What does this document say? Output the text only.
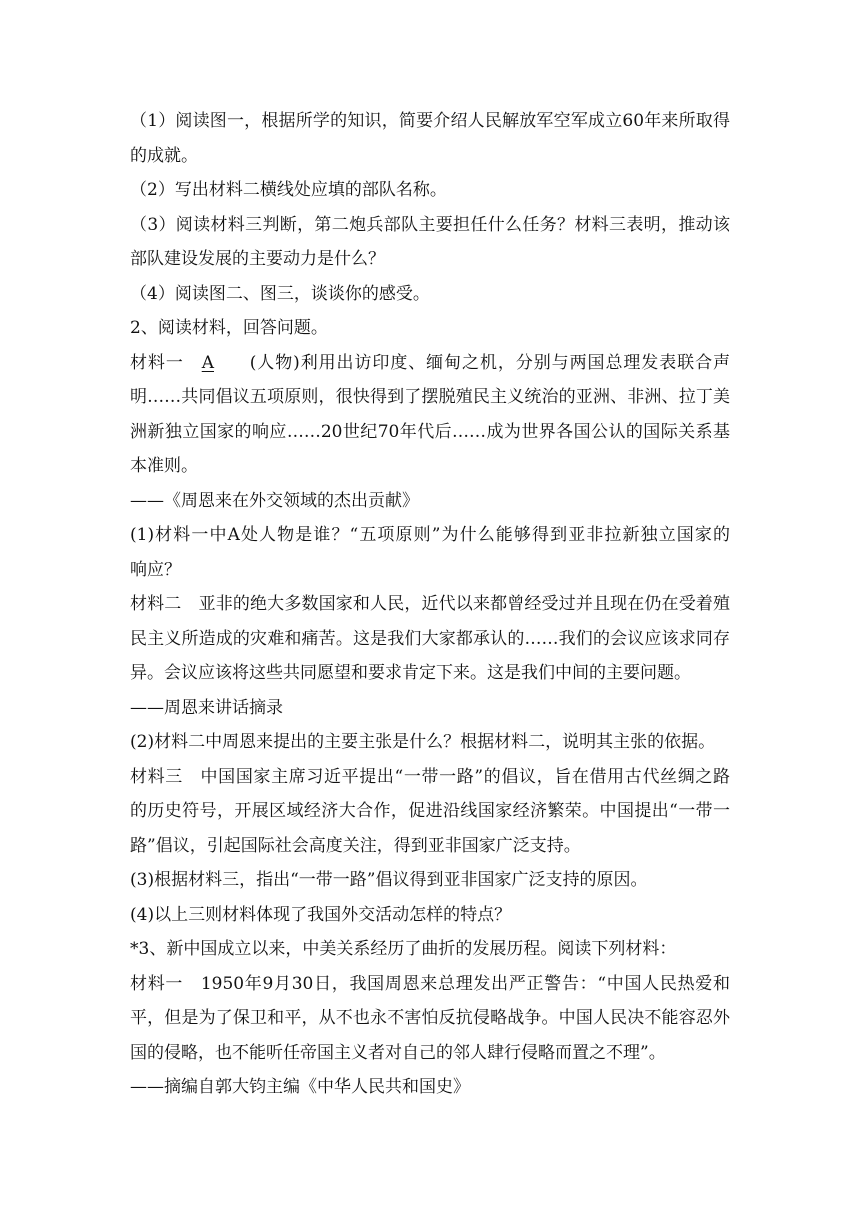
（1）阅读图一，根据所学的知识，简要介绍人民解放军空军成立60年来所取得
的成就。
（2）写出材料二横线处应填的部队名称。
（3）阅读材料三判断，第二炮兵部队主要担任什么任务？材料三表明，推动该
部队建设发展的主要动力是什么？
（4）阅读图二、图三，谈谈你的感受。
2、阅读材料，回答问题。
材料一　A (人物)利用出访印度、缅甸之机，分别与两国总理发表联合声
明……共同倡议五项原则，很快得到了摆脱殖民主义统治的亚洲、非洲、拉丁美
洲新独立国家的响应……20世纪70年代后……成为世界各国公认的国际关系基
本准则。
——《周恩来在外交领域的杰出贡献》
(1)材料一中A处人物是谁？“五项原则”为什么能够得到亚非拉新独立国家的
响应？
材料二　亚非的绝大多数国家和人民，近代以来都曾经受过并且现在仍在受着殖
民主义所造成的灾难和痛苦。这是我们大家都承认的……我们的会议应该求同存
异。会议应该将这些共同愿望和要求肯定下来。这是我们中间的主要问题。
——周恩来讲话摘录
(2)材料二中周恩来提出的主要主张是什么？根据材料二，说明其主张的依据。
材料三　中国国家主席习近平提出“一带一路”的倡议，旨在借用古代丝绸之路
的历史符号，开展区域经济大合作，促进沿线国家经济繁荣。中国提出“一带一
路”倡议，引起国际社会高度关注，得到亚非国家广泛支持。
(3)根据材料三，指出“一带一路”倡议得到亚非国家广泛支持的原因。
(4)以上三则材料体现了我国外交活动怎样的特点？
*3、新中国成立以来，中美关系经历了曲折的发展历程。阅读下列材料：
材料一　1950年9月30日，我国周恩来总理发出严正警告：“中国人民热爱和
平，但是为了保卫和平，从不也永不害怕反抗侵略战争。中国人民决不能容忍外
国的侵略，也不能听任帝国主义者对自己的邻人肆行侵略而置之不理”。
——摘编自郭大钧主编《中华人民共和国史》
